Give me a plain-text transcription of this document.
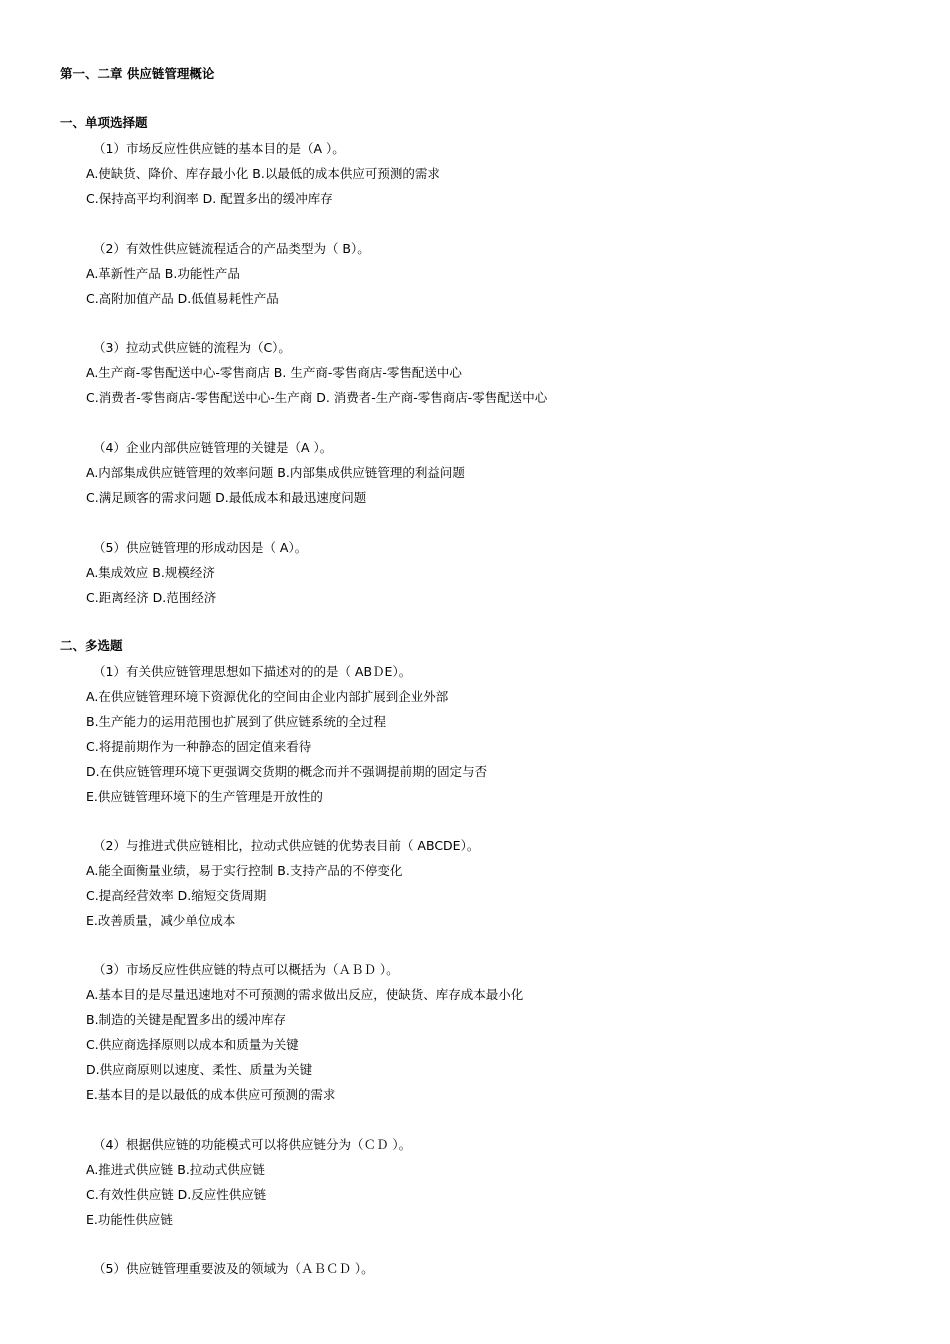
第一、二章 供应链管理概论
一、单项选择题
（1）市场反应性供应链的基本目的是（A ）。
A.使缺货、降价、库存最小化 B.以最低的成本供应可预测的需求
C.保持高平均利润率 D. 配置多出的缓冲库存
（2）有效性供应链流程适合的产品类型为（ B）。
A.革新性产品 B.功能性产品
C.高附加值产品 D.低值易耗性产品
（3）拉动式供应链的流程为（C）。
A.生产商-零售配送中心-零售商店 B. 生产商-零售商店-零售配送中心
C.消费者-零售商店-零售配送中心-生产商 D. 消费者-生产商-零售商店-零售配送中心
（4）企业内部供应链管理的关键是（A ）。
A.内部集成供应链管理的效率问题 B.内部集成供应链管理的利益问题
C.满足顾客的需求问题 D.最低成本和最迅速度问题
（5）供应链管理的形成动因是（ A）。
A.集成效应 B.规模经济
C.距离经济 D.范围经济
二、多选题
（1）有关供应链管理思想如下描述对的的是（ ABＤE）。
A.在供应链管理环境下资源优化的空间由企业内部扩展到企业外部
B.生产能力的运用范围也扩展到了供应链系统的全过程
C.将提前期作为一种静态的固定值来看待
D.在供应链管理环境下更强调交货期的概念而并不强调提前期的固定与否
E.供应链管理环境下的生产管理是开放性的
（2）与推进式供应链相比，拉动式供应链的优势表目前（ ABCDE）。
A.能全面衡量业绩，易于实行控制 B.支持产品的不停变化
C.提高经营效率 D.缩短交货周期
E.改善质量，减少单位成本
（3）市场反应性供应链的特点可以概括为（ＡＢＤ ）。
A.基本目的是尽量迅速地对不可预测的需求做出反应，使缺货、库存成本最小化
B.制造的关键是配置多出的缓冲库存
C.供应商选择原则以成本和质量为关键
D.供应商原则以速度、柔性、质量为关键
E.基本目的是以最低的成本供应可预测的需求
（4）根据供应链的功能模式可以将供应链分为（ＣＤ ）。
A.推进式供应链 B.拉动式供应链
C.有效性供应链 D.反应性供应链
E.功能性供应链
（5）供应链管理重要波及的领域为（ＡＢＣＤ ）。
